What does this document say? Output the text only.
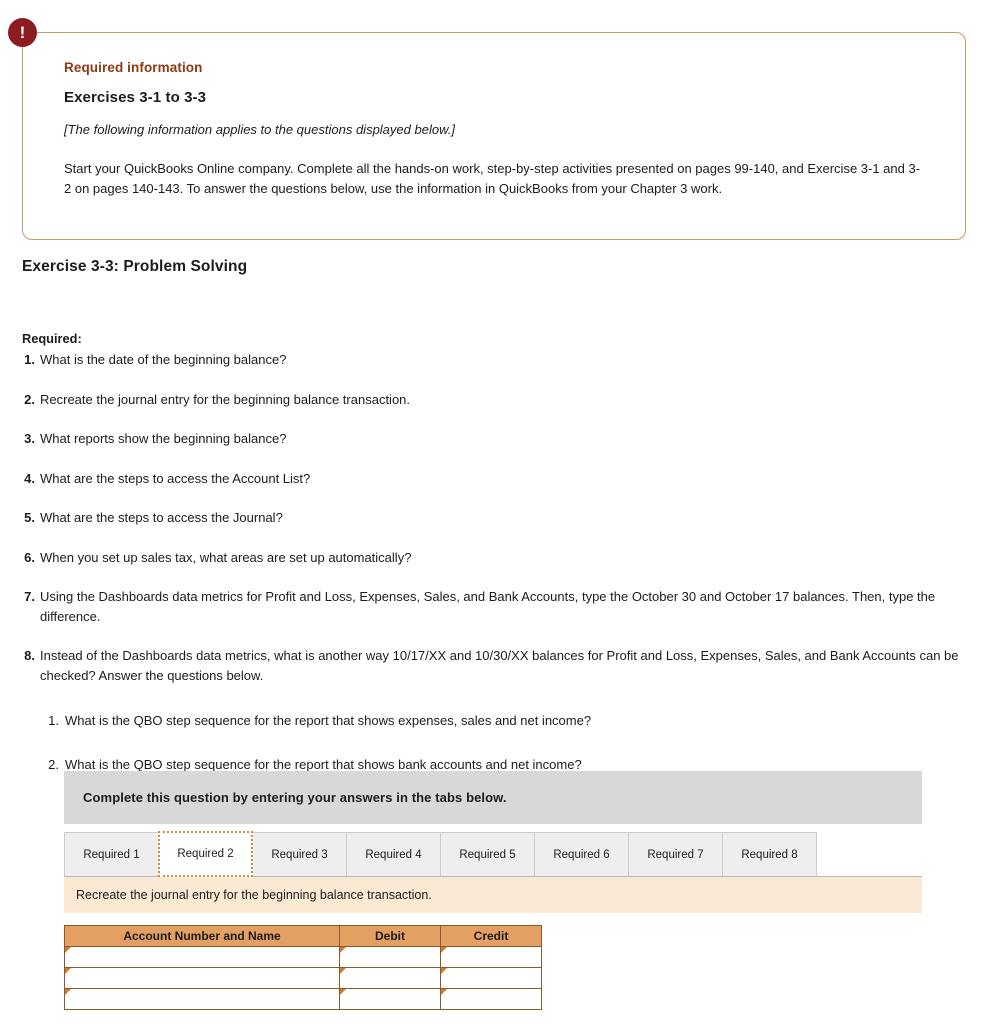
!

Required information

Exercises 3-1 to 3-3

[The following information applies to the questions displayed below.]

Start your QuickBooks Online company. Complete all the hands-on work, step-by-step activities presented on pages 99-140, and Exercise 3-1 and 3-2 on pages 140-143. To answer the questions below, use the information in QuickBooks from your Chapter 3 work.

Exercise 3-3: Problem Solving
Required:
1. What is the date of the beginning balance?
2. Recreate the journal entry for the beginning balance transaction.
3. What reports show the beginning balance?
4. What are the steps to access the Account List?
5. What are the steps to access the Journal?
6. When you set up sales tax, what areas are set up automatically?
7. Using the Dashboards data metrics for Profit and Loss, Expenses, Sales, and Bank Accounts, type the October 30 and October 17 balances. Then, type the difference.
8. Instead of the Dashboards data metrics, what is another way 10/17/XX and 10/30/XX balances for Profit and Loss, Expenses, Sales, and Bank Accounts can be checked? Answer the questions below.
1. What is the QBO step sequence for the report that shows expenses, sales and net income?
2. What is the QBO step sequence for the report that shows bank accounts and net income?
Complete this question by entering your answers in the tabs below.
Required 1	Required 2	Required 3	Required 4	Required 5	Required 6	Required 7	Required 8
Recreate the journal entry for the beginning balance transaction.
Account Number and Name	Debit	Credit
